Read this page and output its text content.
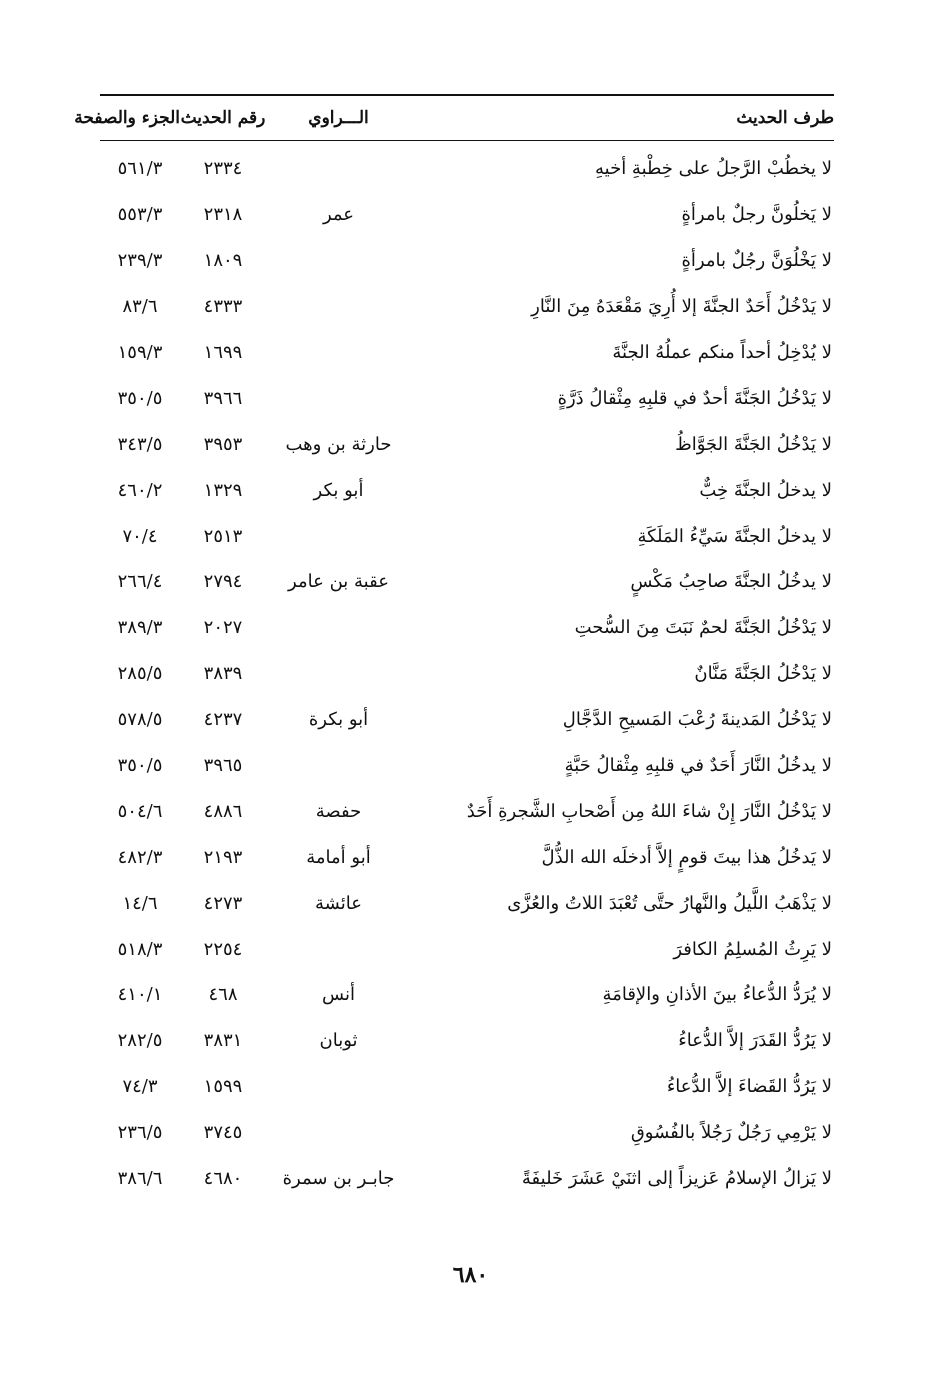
طرف الحديث	الـــراوي	رقم الحديث	الجزء والصفحة
لا يخطُبْ الرَّجلُ على خِطْبةِ أخيهِ		٢٣٣٤	٥٦١/٣
لا يَخلُونَّ رجلٌ بامرأةٍ	عمر	٢٣١٨	٥٥٣/٣
لا يَخْلُوَنَّ رجُلٌ بامرأةٍ		١٨٠٩	٢٣٩/٣
لا يَدْخُلُ أَحَدٌ الجنَّةَ إلا أُرِيَ مَقْعَدَهُ مِنَ النَّارِ		٤٣٣٣	٨٣/٦
لا يُدْخِلُ أحداً منكم عملُهُ الجنَّةَ		١٦٩٩	١٥٩/٣
لا يَدْخُلُ الجَنَّةَ أحدٌ في قلبِهِ مِثْقالُ ذَرَّةٍ		٣٩٦٦	٣٥٠/٥
لا يَدْخُلُ الجَنَّةَ الجَوَّاظُ	حارثة بن وهب	٣٩٥٣	٣٤٣/٥
لا يدخلُ الجنَّةَ خِبٌّ	أبو بكر	١٣٢٩	٤٦٠/٢
لا يدخلُ الجنَّةَ سَيِّءُ المَلَكَةِ		٢٥١٣	٧٠/٤
لا يدخُلُ الجنَّةَ صاحِبُ مَكْسٍ	عقبة بن عامر	٢٧٩٤	٢٦٦/٤
لا يَدْخُلُ الجَنَّةَ لحمٌ نَبَتَ مِنَ السُّحتِ		٢٠٢٧	٣٨٩/٣
لا يَدْخُلُ الجَنَّةَ مَنَّانٌ		٣٨٣٩	٢٨٥/٥
لا يَدْخُلُ المَدينةَ رُعْبَ المَسيحِ الدَّجَّالِ	أبو بكرة	٤٢٣٧	٥٧٨/٥
لا يدخُلُ النَّارَ أَحَدٌ في قلبِهِ مِثْقالُ حَبَّةٍ		٣٩٦٥	٣٥٠/٥
لا يَدْخُلُ النَّارَ إِنْ شاءَ اللهُ مِن أَصْحابِ الشَّجرةِ أَحَدٌ	حفصة	٤٨٨٦	٥٠٤/٦
لا يَدخُلُ هذا بيتَ قومٍ إلاَّ أدخلَه الله الذُّلَّ	أبو أمامة	٢١٩٣	٤٨٢/٣
لا يَذْهَبُ اللَّيلُ والنَّهارُ حتَّى تُعْبَدَ اللاتُ والعُزَّى	عائشة	٤٢٧٣	١٤/٦
لا يَرِثُ المُسلِمُ الكافرَ		٢٢٥٤	٥١٨/٣
لا يُرَدُّ الدُّعاءُ بينَ الأذانِ والإقامَةِ	أنس	٤٦٨	٤١٠/١
لا يَرُدُّ القَدَرَ إلاَّ الدُّعاءُ	ثوبان	٣٨٣١	٢٨٢/٥
لا يَرُدُّ القَضاءَ إلاَّ الدُّعاءُ		١٥٩٩	٧٤/٣
لا يَرْمِي رَجُلٌ رَجُلاً بالفُسُوقِ		٣٧٤٥	٢٣٦/٥
لا يَزالُ الإسلامُ عَزيزاً إلى اثنَيْ عَشَرَ خَليفَةً	جابـر بن سمرة	٤٦٨٠	٣٨٦/٦
٦٨٠
